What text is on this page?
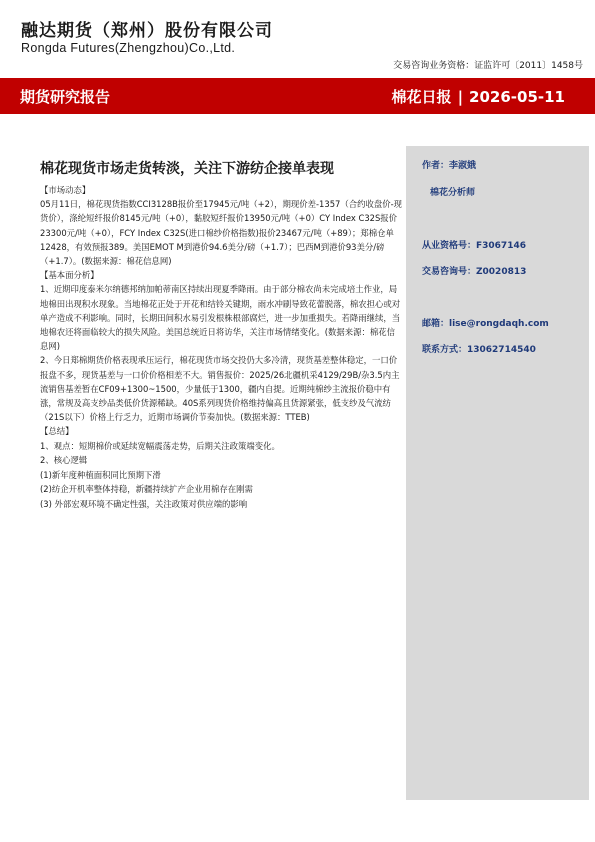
融达期货（郑州）股份有限公司
Rongda Futures(Zhengzhou)Co.,Ltd.
交易咨询业务资格：证监许可〔2011〕1458号
期货研究报告	棉花日报 | 2026-05-11
作者：李淑娥
棉花分析师
从业资格号：F3067146
交易咨询号：Z0020813
邮箱：lise@rongdaqh.com
联系方式：13062714540
棉花现货市场走货转淡，关注下游纺企接单表现

【市场动态】

05月11日，棉花现货指数CCI3128B报价至17945元/吨（+2），期现价差-1357（合约收盘价-现货价），涤纶短纤报价8145元/吨（+0），黏胶短纤报价13950元/吨（+0）CY Index C32S报价23300元/吨（+0），FCY Index C32S(进口棉纱价格指数)报价23467元/吨（+89）；郑棉仓单12428，有效预报389。美国EMOT M到港价94.6美分/磅（+1.7）；巴西M到港价93美分/磅（+1.7）。(数据来源：棉花信息网)

【基本面分析】

1、近期印度泰米尔纳德邦纳加帕蒂南区持续出现夏季降雨。由于部分棉农尚未完成培土作业，局地棉田出现积水现象。当地棉花正处于开花和结铃关键期，雨水冲刷导致花蕾脱落，棉农担心或对单产造成不利影响。同时，长期田间积水易引发根株根部腐烂，进一步加重损失。若降雨继续，当地棉农还将面临较大的损失风险。美国总统近日将访华，关注市场情绪变化。(数据来源：棉花信息网)

2、今日郑棉期货价格表现承压运行，棉花现货市场交投仍大多冷清，现货基差整体稳定，一口价报盘不多，现货基差与一口价价格相差不大。销售报价：2025/26北疆机采4129/29B/杂3.5内主流销售基差暂在CF09+1300~1500，少量低于1300，疆内自提。近期纯棉纱主流报价稳中有涨，常规及高支纱品类低价货源稀缺。40S系列现货价格维持偏高且货源紧张，低支纱及气流纺（21S以下）价格上行乏力，近期市场调价节奏加快。(数据来源：TTEB)

【总结】

1、观点：短期棉价或延续宽幅震荡走势，后期关注政策端变化。

2、核心逻辑

(1)新年度种植面积同比预期下滑

(2)纺企开机率整体持稳，新疆持续扩产企业用棉存在刚需

(3) 外部宏观环境不确定性强，关注政策对供应端的影响
